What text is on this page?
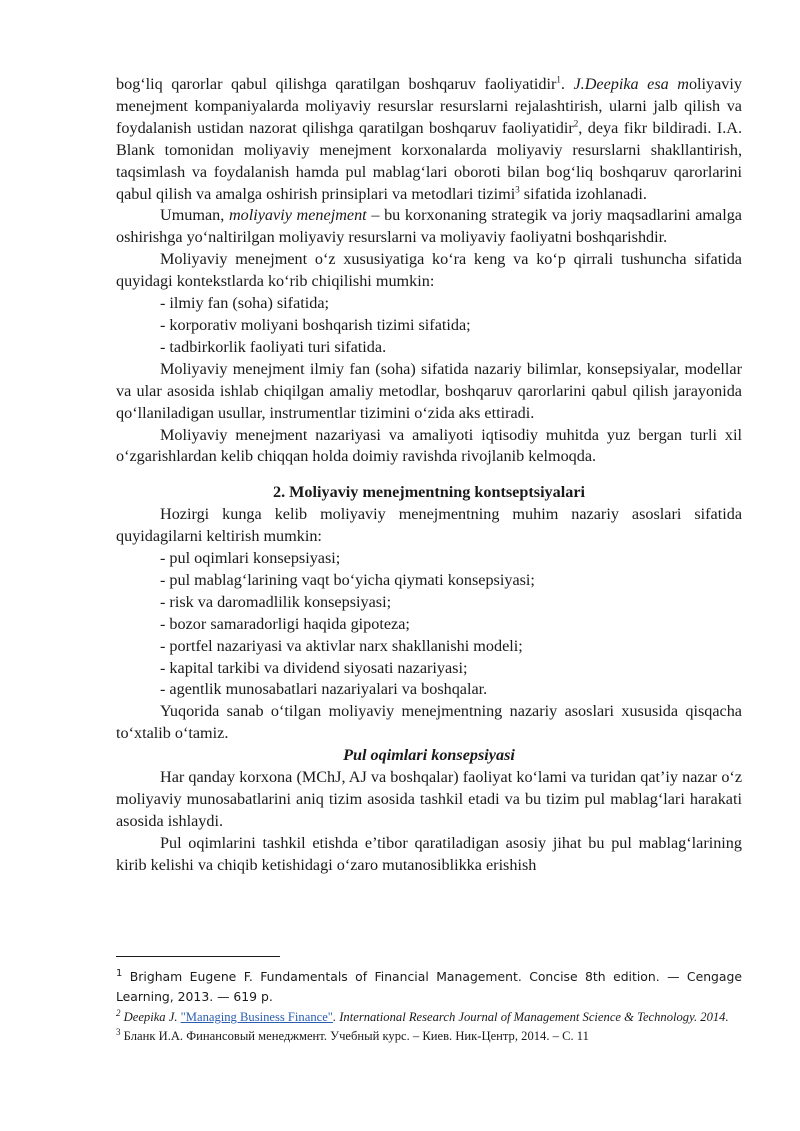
bog‘liq qarorlar qabul qilishga qaratilgan boshqaruv faoliyatidir$^1$. J.Deepika esa moliyaviy menejment kompaniyalarda moliyaviy resurslar resurslarni rejalashtirish, ularni jalb qilish va foydalanish ustidan nazorat qilishga qaratilgan boshqaruv faoliyatidir$^2$, deya fikr bildiradi. I.A. Blank tomonidan moliyaviy menejment korxonalarda moliyaviy resurslarni shakllantirish, taqsimlash va foydalanish hamda pul mablag‘lari oboroti bilan bog‘liq boshqaruv qarorlarini qabul qilish va amalga oshirish prinsiplari va metodlari tizimi$^3$ sifatida izohlanadi.

Umuman, moliyaviy menejment – bu korxonaning strategik va joriy maqsadlarini amalga oshirishga yo‘naltirilgan moliyaviy resurslarni va moliyaviy faoliyatni boshqarishdir.

Moliyaviy menejment o‘z xususiyatiga ko‘ra keng va ko‘p qirrali tushuncha sifatida quyidagi kontekstlarda ko‘rib chiqilishi mumkin:

- ilmiy fan (soha) sifatida;

- korporativ moliyani boshqarish tizimi sifatida;

- tadbirkorlik faoliyati turi sifatida.

Moliyaviy menejment ilmiy fan (soha) sifatida nazariy bilimlar, konsepsiyalar, modellar va ular asosida ishlab chiqilgan amaliy metodlar, boshqaruv qarorlarini qabul qilish jarayonida qo‘llaniladigan usullar, instrumentlar tizimini o‘zida aks ettiradi.

Moliyaviy menejment nazariyasi va amaliyoti iqtisodiy muhitda yuz bergan turli xil o‘zgarishlardan kelib chiqqan holda doimiy ravishda rivojlanib kelmoqda.

2. Moliyaviy menejmentning kontseptsiyalari

Hozirgi kunga kelib moliyaviy menejmentning muhim nazariy asoslari sifatida quyidagilarni keltirish mumkin:

- pul oqimlari konsepsiyasi;

- pul mablag‘larining vaqt bo‘yicha qiymati konsepsiyasi;

- risk va daromadlilik konsepsiyasi;

- bozor samaradorligi haqida gipoteza;

- portfel nazariyasi va aktivlar narx shakllanishi modeli;

- kapital tarkibi va dividend siyosati nazariyasi;

- agentlik munosabatlari nazariyalari va boshqalar.

Yuqorida sanab o‘tilgan moliyaviy menejmentning nazariy asoslari xususida qisqacha to‘xtalib o‘tamiz.

Pul oqimlari konsepsiyasi

Har qanday korxona (MChJ, AJ va boshqalar) faoliyat ko‘lami va turidan qat’iy nazar o‘z moliyaviy munosabatlarini aniq tizim asosida tashkil etadi va bu tizim pul mablag‘lari harakati asosida ishlaydi.

Pul oqimlarini tashkil etishda e’tibor qaratiladigan asosiy jihat bu pul mablag‘larining kirib kelishi va chiqib ketishidagi o‘zaro mutanosiblikka erishish

$^1$ Brigham Eugene F. Fundamentals of Financial Management. Concise 8th edition. — Cengage Learning, 2013. — 619 p.

$^2$ Deepika J. "Managing Business Finance". International Research Journal of Management Science & Technology. 2014.

$^3$ Бланк И.А. Финансовый менеджмент. Учебный курс. – Киев. Ник-Центр, 2014. – С. 11
